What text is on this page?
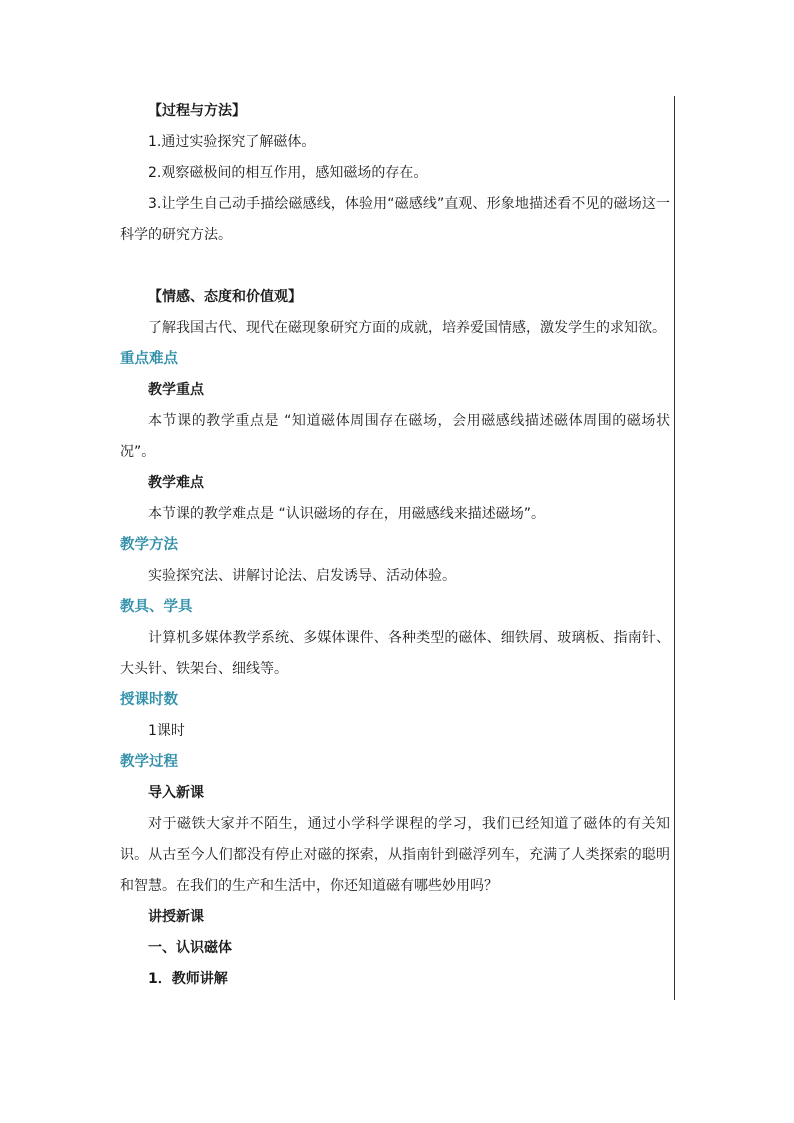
【过程与方法】
1.通过实验探究了解磁体。
2.观察磁极间的相互作用，感知磁场的存在。
3.让学生自己动手描绘磁感线，体验用“磁感线”直观、形象地描述看不见的磁场这一科学的研究方法。
【情感、态度和价值观】
了解我国古代、现代在磁现象研究方面的成就，培养爱国情感，激发学生的求知欲。
重点难点
教学重点
本节课的教学重点是 “知道磁体周围存在磁场，会用磁感线描述磁体周围的磁场状况”。
教学难点
本节课的教学难点是 “认识磁场的存在，用磁感线来描述磁场”。
教学方法
实验探究法、讲解讨论法、启发诱导、活动体验。
教具、学具
计算机多媒体教学系统、多媒体课件、各种类型的磁体、细铁屑、玻璃板、指南针、大头针、铁架台、细线等。
授课时数
1课时
教学过程
导入新课
对于磁铁大家并不陌生，通过小学科学课程的学习，我们已经知道了磁体的有关知识。从古至今人们都没有停止对磁的探索，从指南针到磁浮列车，充满了人类探索的聪明和智慧。在我们的生产和生活中，你还知道磁有哪些妙用吗？
讲授新课
一、认识磁体
1．教师讲解
